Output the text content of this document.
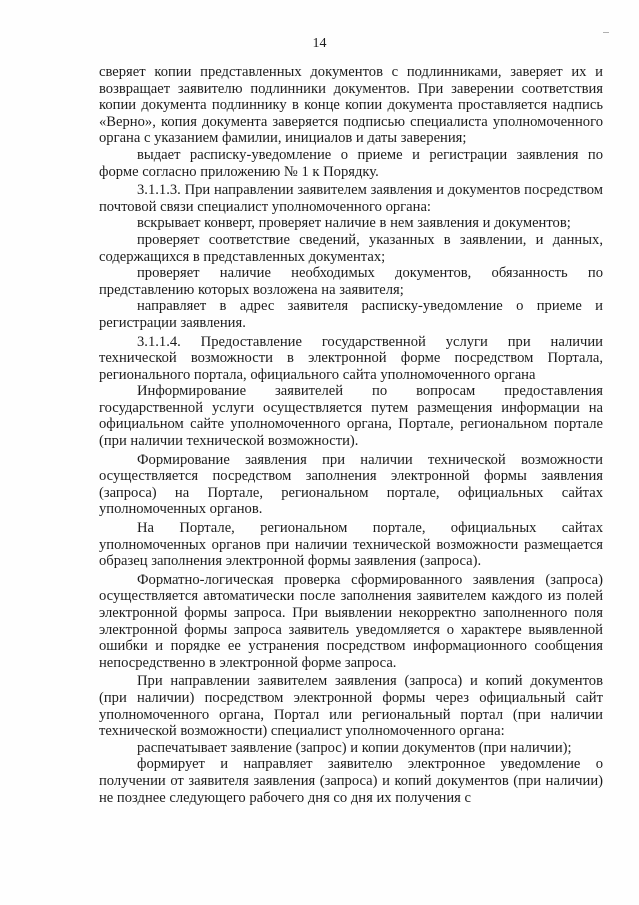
14

сверяет копии представленных документов с подлинниками, заверяет их и возвращает заявителю подлинники документов. При заверении соответствия копии документа подлиннику в конце копии документа проставляется надпись «Верно», копия документа заверяется подписью специалиста уполномоченного органа с указанием фамилии, инициалов и даты заверения;

выдает расписку-уведомление о приеме и регистрации заявления по форме согласно приложению № 1 к Порядку.

3.1.1.3. При направлении заявителем заявления и документов посредством почтовой связи специалист уполномоченного органа:

вскрывает конверт, проверяет наличие в нем заявления и документов;

проверяет соответствие сведений, указанных в заявлении, и данных, содержащихся в представленных документах;

проверяет наличие необходимых документов, обязанность по представлению которых возложена на заявителя;

направляет в адрес заявителя расписку-уведомление о приеме и регистрации заявления.

3.1.1.4. Предоставление государственной услуги при наличии технической возможности в электронной форме посредством Портала, регионального портала, официального сайта уполномоченного органа

Информирование заявителей по вопросам предоставления государственной услуги осуществляется путем размещения информации на официальном сайте уполномоченного органа, Портале, региональном портале (при наличии технической возможности).

Формирование заявления при наличии технической возможности осуществляется посредством заполнения электронной формы заявления (запроса) на Портале, региональном портале, официальных сайтах уполномоченных органов.

На Портале, региональном портале, официальных сайтах уполномоченных органов при наличии технической возможности размещается образец заполнения электронной формы заявления (запроса).

Форматно-логическая проверка сформированного заявления (запроса) осуществляется автоматически после заполнения заявителем каждого из полей электронной формы запроса. При выявлении некорректно заполненного поля электронной формы запроса заявитель уведомляется о характере выявленной ошибки и порядке ее устранения посредством информационного сообщения непосредственно в электронной форме запроса.

При направлении заявителем заявления (запроса) и копий документов (при наличии) посредством электронной формы через официальный сайт уполномоченного органа, Портал или региональный портал (при наличии технической возможности) специалист уполномоченного органа:

распечатывает заявление (запрос) и копии документов (при наличии);

формирует и направляет заявителю электронное уведомление о получении от заявителя заявления (запроса) и копий документов (при наличии) не позднее следующего рабочего дня со дня их получения с
